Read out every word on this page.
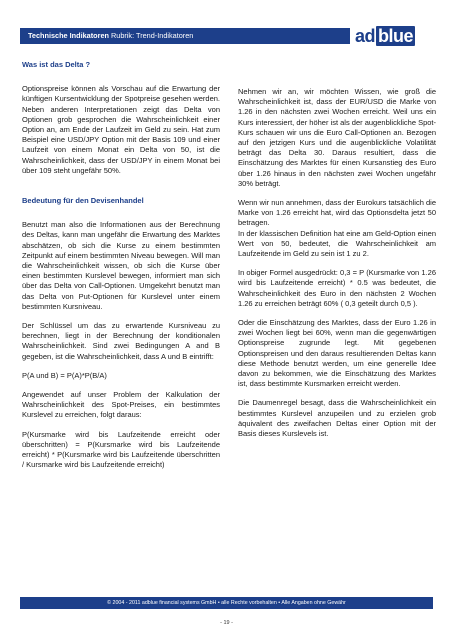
Technische Indikatoren Rubrik: Trend-Indikatoren	ad blue
Was ist das Delta ?

Optionspreise können als Vorschau auf die Erwartung der künftigen Kursentwicklung der Spotpreise gesehen werden. Neben anderen Interpretationen zeigt das Delta von Optionen grob gesprochen die Wahrscheinlichkeit einer Option an, am Ende der Laufzeit im Geld zu sein. Hat zum Beispiel eine USD/JPY Option mit der Basis 109 und einer Laufzeit von einem Monat ein Delta von 50, ist die Wahrscheinlichkeit, dass der USD/JPY in einem Monat bei über 109 steht ungefähr 50%.

Bedeutung für den Devisenhandel

Benutzt man also die Informationen aus der Berechnung des Deltas, kann man ungefähr die Erwartung des Marktes abschätzen, ob sich die Kurse zu einem bestimmten Zeitpunkt auf einem bestimmten Niveau bewegen. Will man die Wahrscheinlichkeit wissen, ob sich die Kurse über einen bestimmten Kurslevel bewegen, informiert man sich über das Delta von Call-Optionen. Umgekehrt benutzt man das Delta von Put-Optionen für Kurslevel unter einem bestimmten Kursniveau.

Der Schlüssel um das zu erwartende Kursniveau zu berechnen, liegt in der Berechnung der konditionalen Wahrscheinlichkeit. Sind zwei Bedingungen A and B gegeben, ist die Wahrscheinlichkeit, dass A und B eintrifft:

P(A und B) = P(A)*P(B/A)

Angewendet auf unser Problem der Kalkulation der Wahrscheinlichkeit des Spot-Preises, ein bestimmtes Kurslevel zu erreichen, folgt daraus:

P(Kursmarke wird bis Laufzeitende erreicht oder überschritten) = P(Kursmarke wird bis Laufzeitende erreicht) * P(Kursmarke wird bis Laufzeitende überschritten / Kursmarke wird bis Laufzeitende erreicht)

Nehmen wir an, wir möchten Wissen, wie groß die Wahrscheinlichkeit ist, dass der EUR/USD die Marke von 1.26 in den nächsten zwei Wochen erreicht. Weil uns ein Kurs interessiert, der höher ist als der augenblickliche Spot-Kurs schauen wir uns die Euro Call-Optionen an. Bezogen auf den jetzigen Kurs und die augenblickliche Volatilität beträgt das Delta 30. Daraus resultiert, dass die Einschätzung des Marktes für einen Kursanstieg des Euro über 1.26 hinaus in den nächsten zwei Wochen ungefähr 30% beträgt.

Wenn wir nun annehmen, dass der Eurokurs tatsächlich die Marke von 1.26 erreicht hat, wird das Optionsdelta jetzt 50 betragen.

In der klassischen Definition hat eine am Geld-Option einen Wert von 50, bedeutet, die Wahrscheinlichkeit am Laufzeitende im Geld zu sein ist 1 zu 2.

In obiger Formel ausgedrückt: 0,3 = P (Kursmarke von 1.26 wird bis Laufzeitende erreicht) * 0.5 was bedeutet, die Wahrscheinlichkeit des Euro in den nächsten 2 Wochen 1.26 zu erreichen beträgt 60% ( 0,3 geteilt durch 0,5 ).

Oder die Einschätzung des Marktes, dass der Euro 1.26 in zwei Wochen liegt bei 60%, wenn man die gegenwärtigen Optionspreise zugrunde legt. Mit gegebenen Optionspreisen und den daraus resultierenden Deltas kann diese Methode benutzt werden, um eine generelle Idee davon zu bekommen, wie die Einschätzung des Marktes ist, dass bestimmte Kursmarken erreicht werden.

Die Daumenregel besagt, dass die Wahrscheinlichkeit ein bestimmtes Kurslevel anzupeilen und zu erzielen grob äquivalent des zweifachen Deltas einer Option mit der Basis dieses Kurslevels ist.

© 2004 - 2011 adblue financial systems GmbH • alle Rechte vorbehalten • Alle Angaben ohne Gewähr
- 19 -
